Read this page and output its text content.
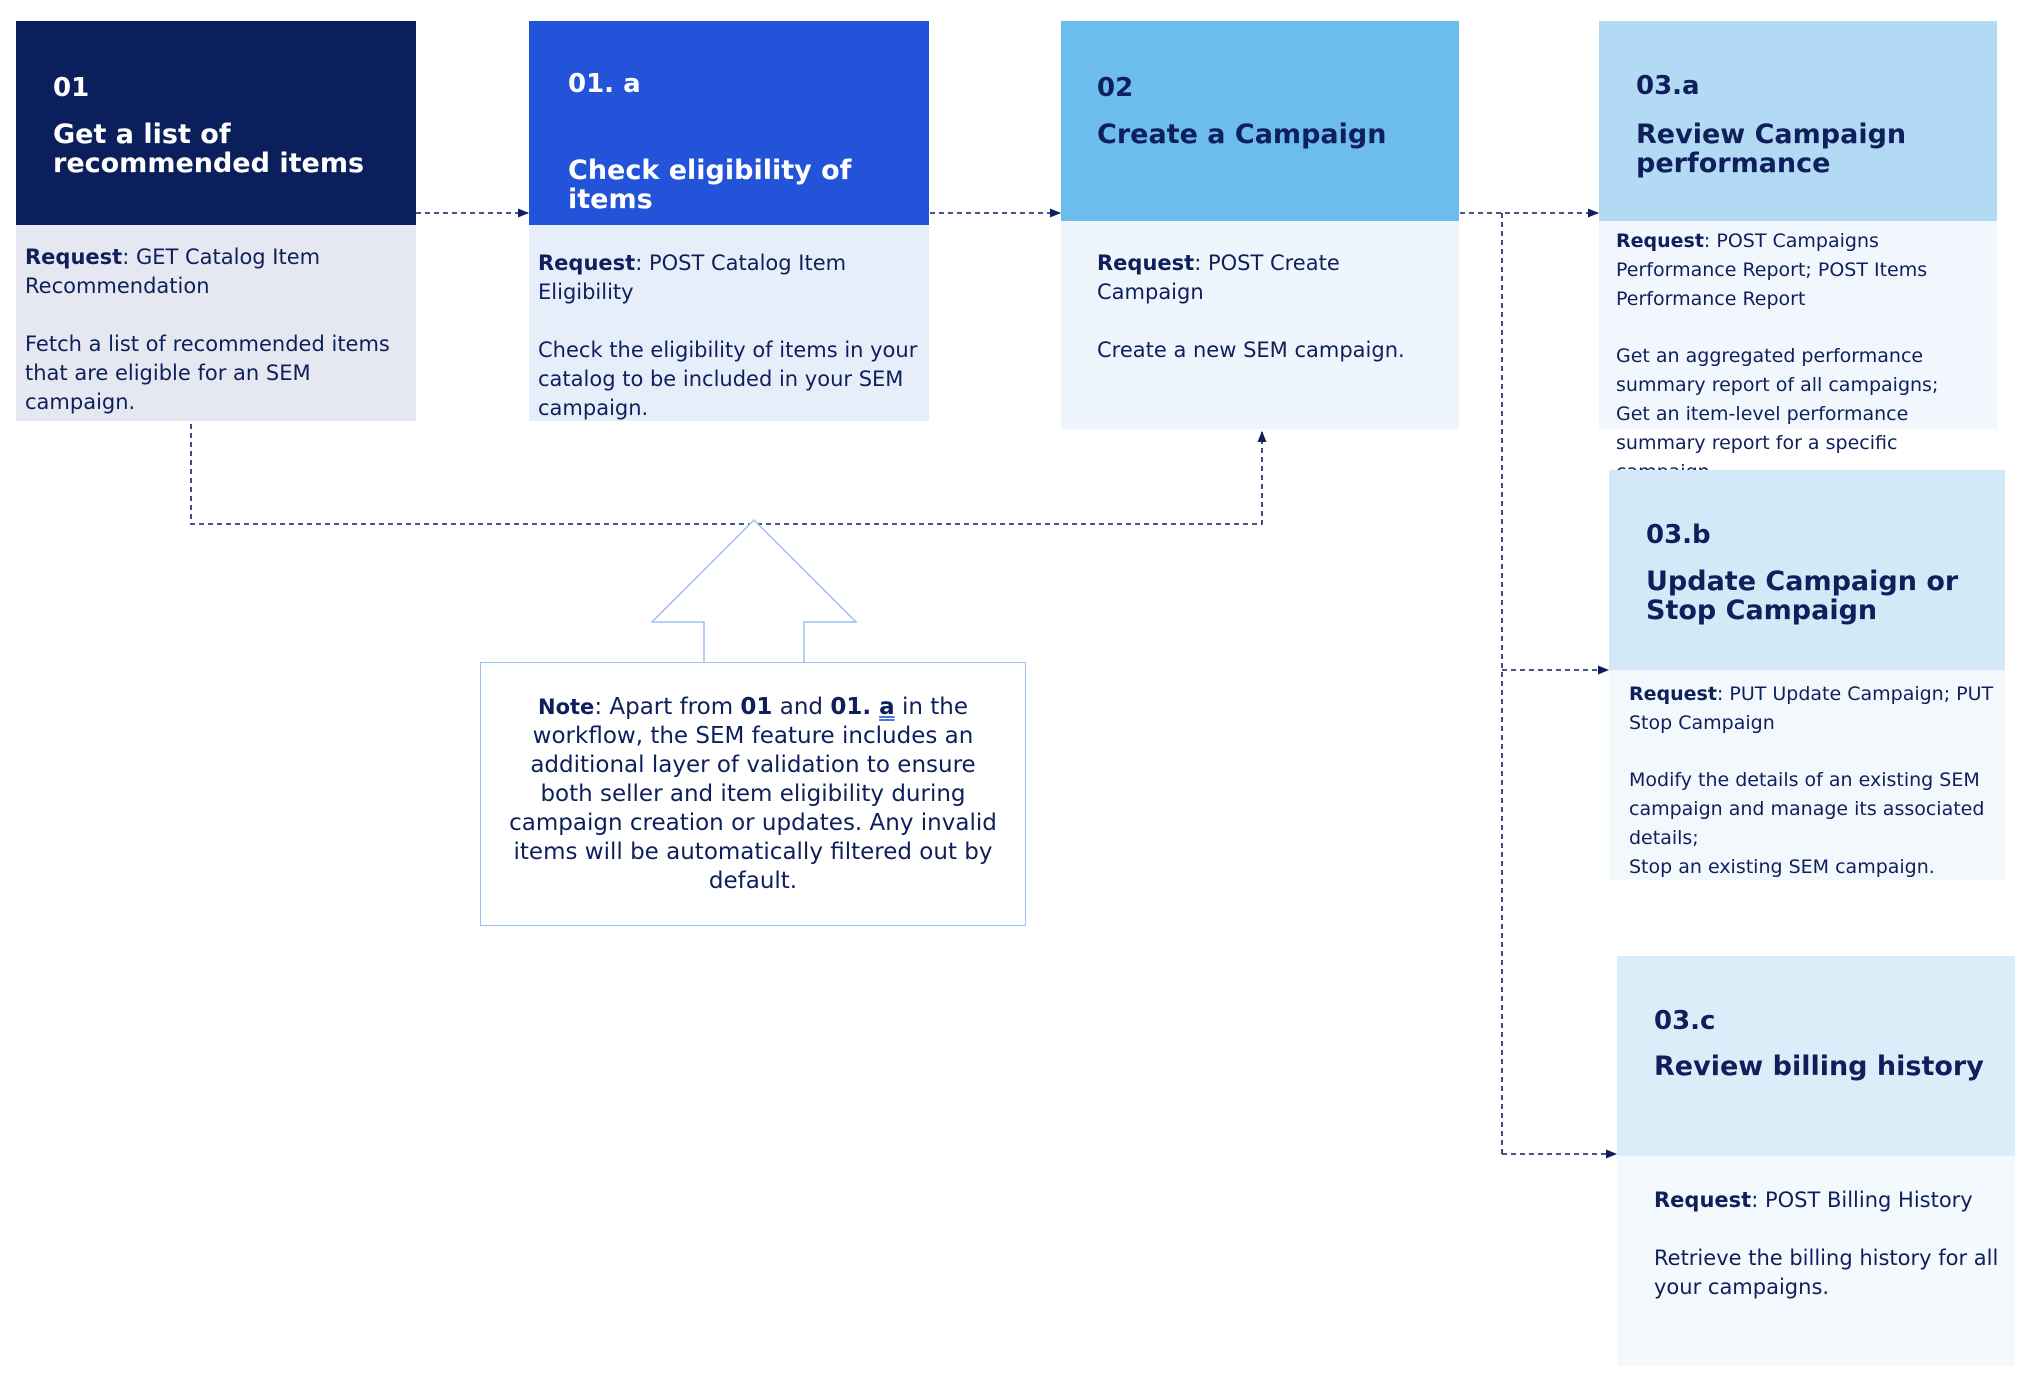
01
Get a list of
recommended items
Request: GET Catalog Item Recommendation
Fetch a list of recommended items that are eligible for an SEM campaign.
01. a
Check eligibility of items
Request: POST Catalog Item Eligibility
Check the eligibility of items in your catalog to be included in your SEM campaign.
02
Create a Campaign
Request: POST Create Campaign
Create a new SEM campaign.
03.a
Review Campaign
performance
Request: POST Campaigns Performance Report; POST Items Performance Report
Get an aggregated performance summary report of all campaigns;
Get an item-level performance summary report for a specific
03.b
Update Campaign or
Stop Campaign
Request: PUT Update Campaign; PUT Stop Campaign
Modify the details of an existing SEM campaign and manage its associated details;
Stop an existing SEM campaign.
03.c
Review billing history
Request: POST Billing History
Retrieve the billing history for all your campaigns.
Note: Apart from 01 and 01. a in the workflow, the SEM feature includes an additional layer of validation to ensure both seller and item eligibility during campaign creation or updates. Any invalid items will be automatically filtered out by default.
